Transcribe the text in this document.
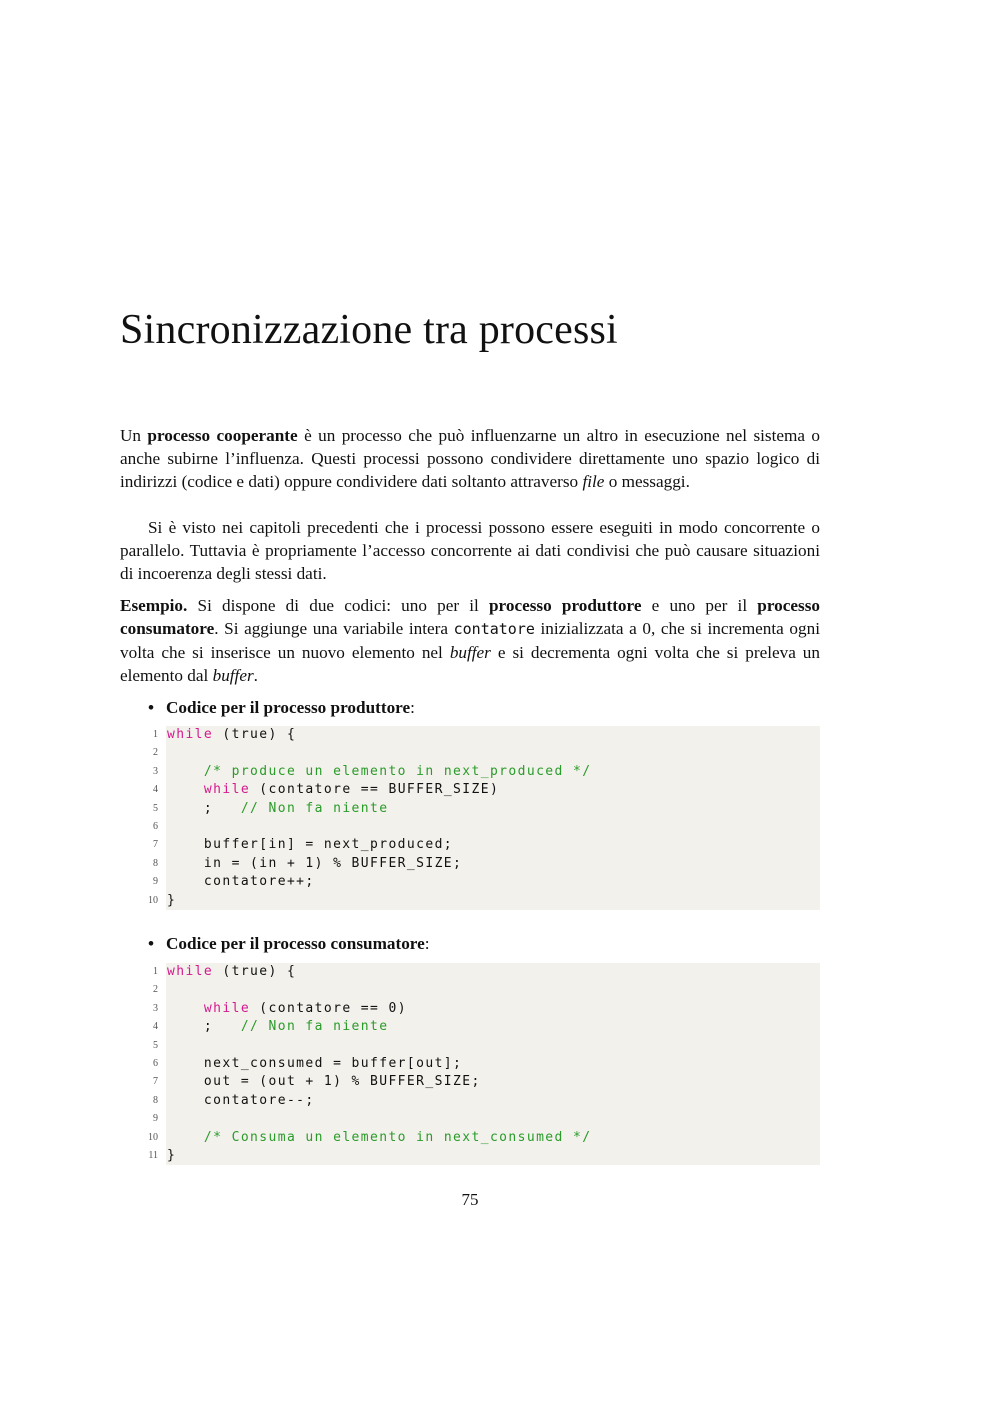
Sincronizzazione tra processi

Un processo cooperante è un processo che può influenzarne un altro in esecuzione nel sistema o anche subirne l’influenza. Questi processi possono condividere direttamente uno spazio logico di indirizzi (codice e dati) oppure condividere dati soltanto attraverso file o messaggi.

Si è visto nei capitoli precedenti che i processi possono essere eseguiti in modo concorrente o parallelo. Tuttavia è propriamente l’accesso concorrente ai dati condivisi che può causare situazioni di incoerenza degli stessi dati.

Esempio. Si dispone di due codici: uno per il processo produttore e uno per il processo consumatore. Si aggiunge una variabile intera contatore inizializzata a 0, che si incrementa ogni volta che si inserisce un nuovo elemento nel buffer e si decrementa ogni volta che si preleva un elemento dal buffer.

• Codice per il processo produttore:

1 while (true) {
2
3	/* produce un elemento in next_produced */
4	while (contatore == BUFFER_SIZE)
5 ;   // Non fa niente
6
7 buffer[in] = next_produced;
8 in = (in + 1) % BUFFER_SIZE;
9 contatore++;
10 }

• Codice per il processo consumatore:

1 while (true) {
2
3	while (contatore == 0)
4 ;   // Non fa niente
5
6 next_consumed = buffer[out];
7 out = (out + 1) % BUFFER_SIZE;
8 contatore--;
9
10	/* Consuma un elemento in next_consumed */
11 }
75
